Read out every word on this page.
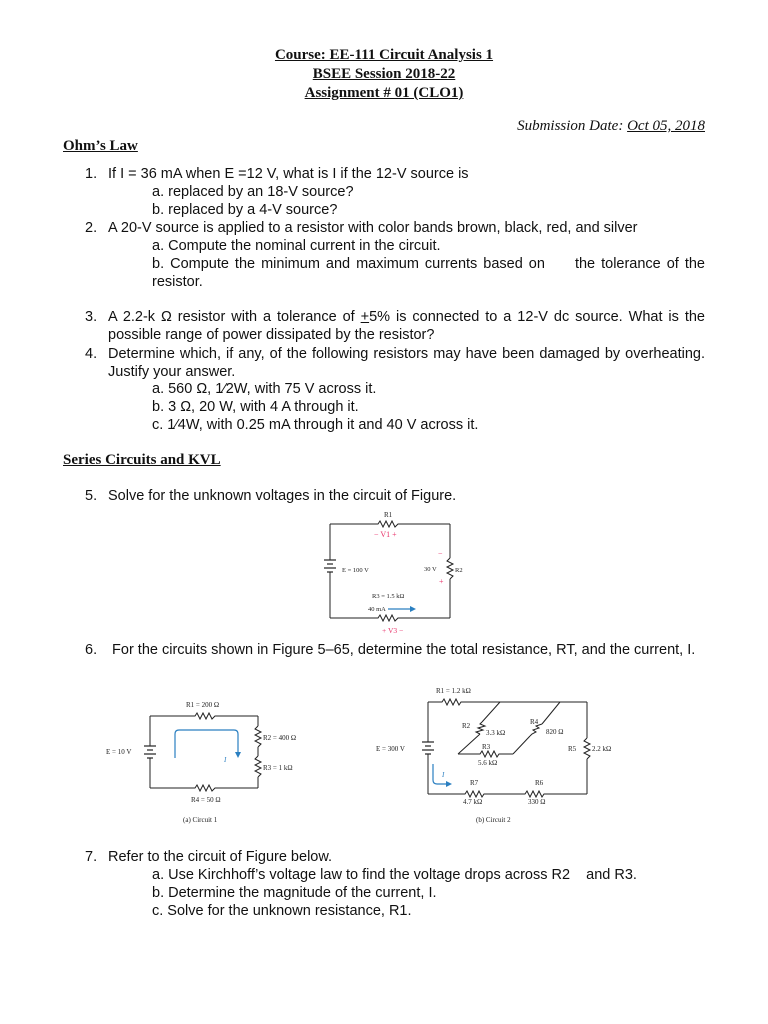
Course: EE-111 Circuit Analysis 1
BSEE Session 2018-22
Assignment # 01 (CLO1)
Submission Date: Oct 05, 2018
Ohm’s Law
1. If I = 36 mA when E =12 V, what is I if the 12-V source is
a. replaced by an 18-V source?
b. replaced by a 4-V source?
2. A 20-V source is applied to a resistor with color bands brown, black, red, and silver
a. Compute the nominal current in the circuit.
b. Compute the minimum and maximum currents based on     the tolerance of the resistor.
3. A 2.2-k Ω resistor with a tolerance of +5% is connected to a 12-V dc source. What is the possible range of power dissipated by the resistor?
4. Determine which, if any, of the following resistors may have been damaged by overheating. Justify your answer.
a. 560 Ω, 1⁄2W, with 75 V across it.
b. 3 Ω, 20 W, with 4 A through it.
c. 1⁄4W, with 0.25 mA through it and 40 V across it.
Series Circuits and KVL
5. Solve for the unknown voltages in the circuit of Figure.
R1
− V1 +
E = 100 V	30 V	R2
−
+
R3 = 1.5 kΩ
40 mA
+ V3 −
6. For the circuits shown in Figure 5–65, determine the total resistance, RT, and the current, I.
R1 = 200 Ω
R2 = 400 Ω
R3 = 1 kΩ
R4 = 50 Ω
E = 10 V
I
(a) Circuit 1
R1 = 1.2 kΩ
R2
3.3 kΩ
R3
5.6 kΩ
R4
820 Ω
R5 2.2 kΩ
R7
4.7 kΩ
R6
330 Ω
E = 300 V
I
(b) Circuit 2
7. Refer to the circuit of Figure below.
a. Use Kirchhoff’s voltage law to find the voltage drops across R2    and R3.
b. Determine the magnitude of the current, I.
c. Solve for the unknown resistance, R1.
